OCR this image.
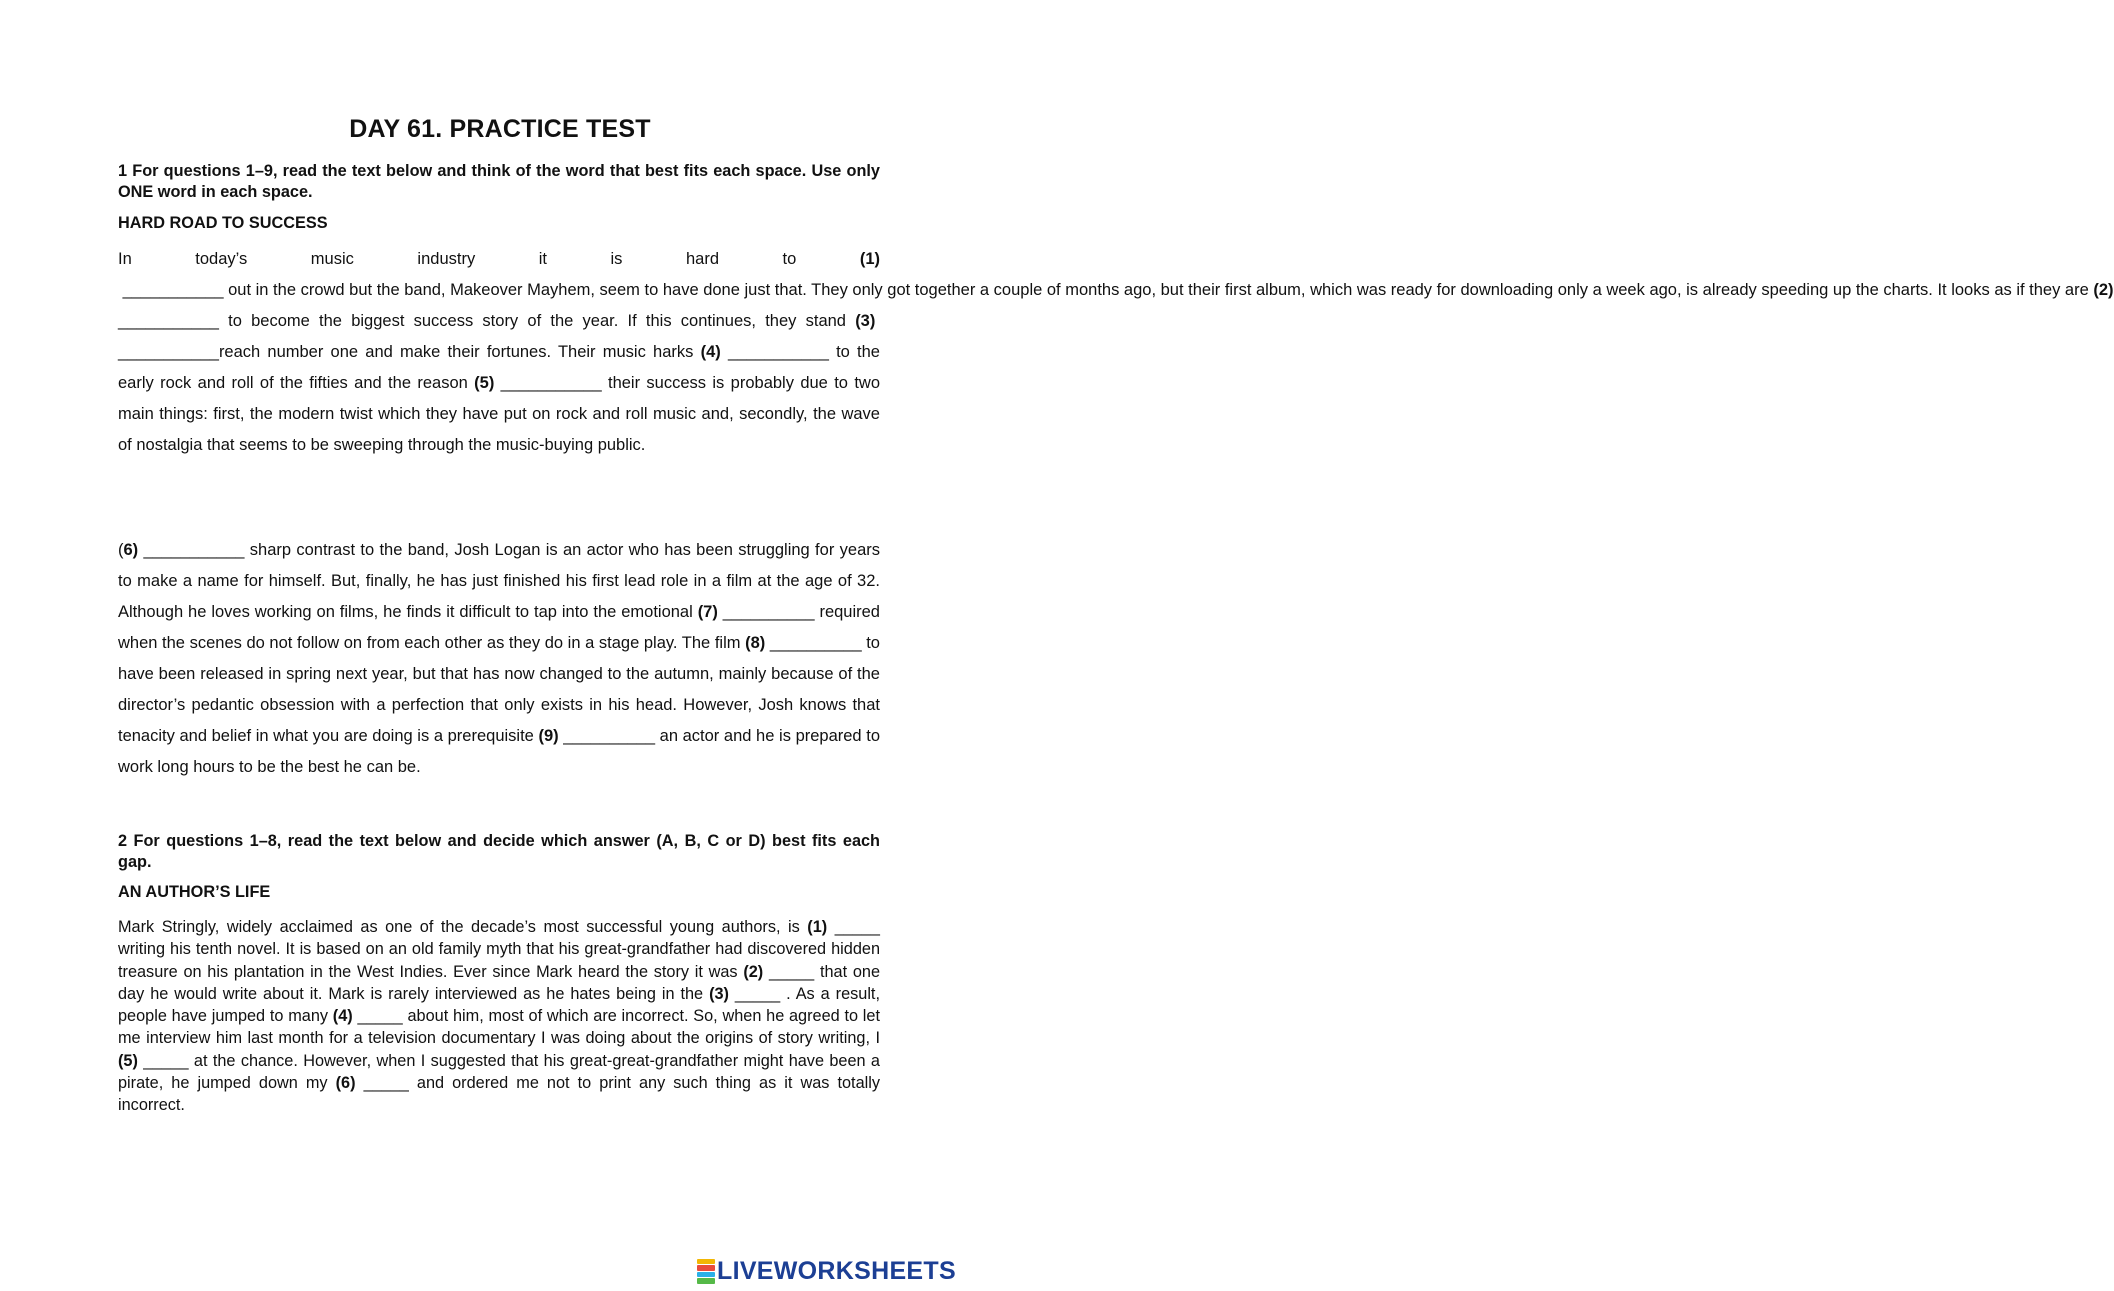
DAY 61. PRACTICE TEST
1 For questions 1–9, read the text below and think of the word that best fits each space. Use only ONE word in each space.
HARD ROAD TO SUCCESS
In today’s music industry it is hard to (1) ___________ out in the crowd but the band, Makeover Mayhem, seem to have done just that. They only got together a couple of months ago, but their first album, which was ready for downloading only a week ago, is already speeding up the charts. It looks as if they are (2) ___________ to become the biggest success story of the year. If this continues, they stand (3) ___________reach number one and make their fortunes. Their music harks (4) ___________ to the early rock and roll of the fifties and the reason (5) ___________ their success is probably due to two main things: first, the modern twist which they have put on rock and roll music and, secondly, the wave of nostalgia that seems to be sweeping through the music-buying public.
(6) ___________ sharp contrast to the band, Josh Logan is an actor who has been struggling for years to make a name for himself. But, finally, he has just finished his first lead role in a film at the age of 32. Although he loves working on films, he finds it difficult to tap into the emotional (7) __________ required when the scenes do not follow on from each other as they do in a stage play. The film (8) __________ to have been released in spring next year, but that has now changed to the autumn, mainly because of the director’s pedantic obsession with a perfection that only exists in his head. However, Josh knows that tenacity and belief in what you are doing is a prerequisite (9) __________ an actor and he is prepared to work long hours to be the best he can be.
2 For questions 1–8, read the text below and decide which answer (A, B, C or D) best fits each gap.
AN AUTHOR’S LIFE
Mark Stringly, widely acclaimed as one of the decade’s most successful young authors, is (1) _____ writing his tenth novel. It is based on an old family myth that his great-grandfather had discovered hidden treasure on his plantation in the West Indies. Ever since Mark heard the story it was (2) _____ that one day he would write about it. Mark is rarely interviewed as he hates being in the (3) _____ . As a result, people have jumped to many (4) _____ about him, most of which are incorrect. So, when he agreed to let me interview him last month for a television documentary I was doing about the origins of story writing, I (5) _____ at the chance. However, when I suggested that his great-great-grandfather might have been a pirate, he jumped down my (6) _____ and ordered me not to print any such thing as it was totally incorrect.
LIVEWORKSHEETS
